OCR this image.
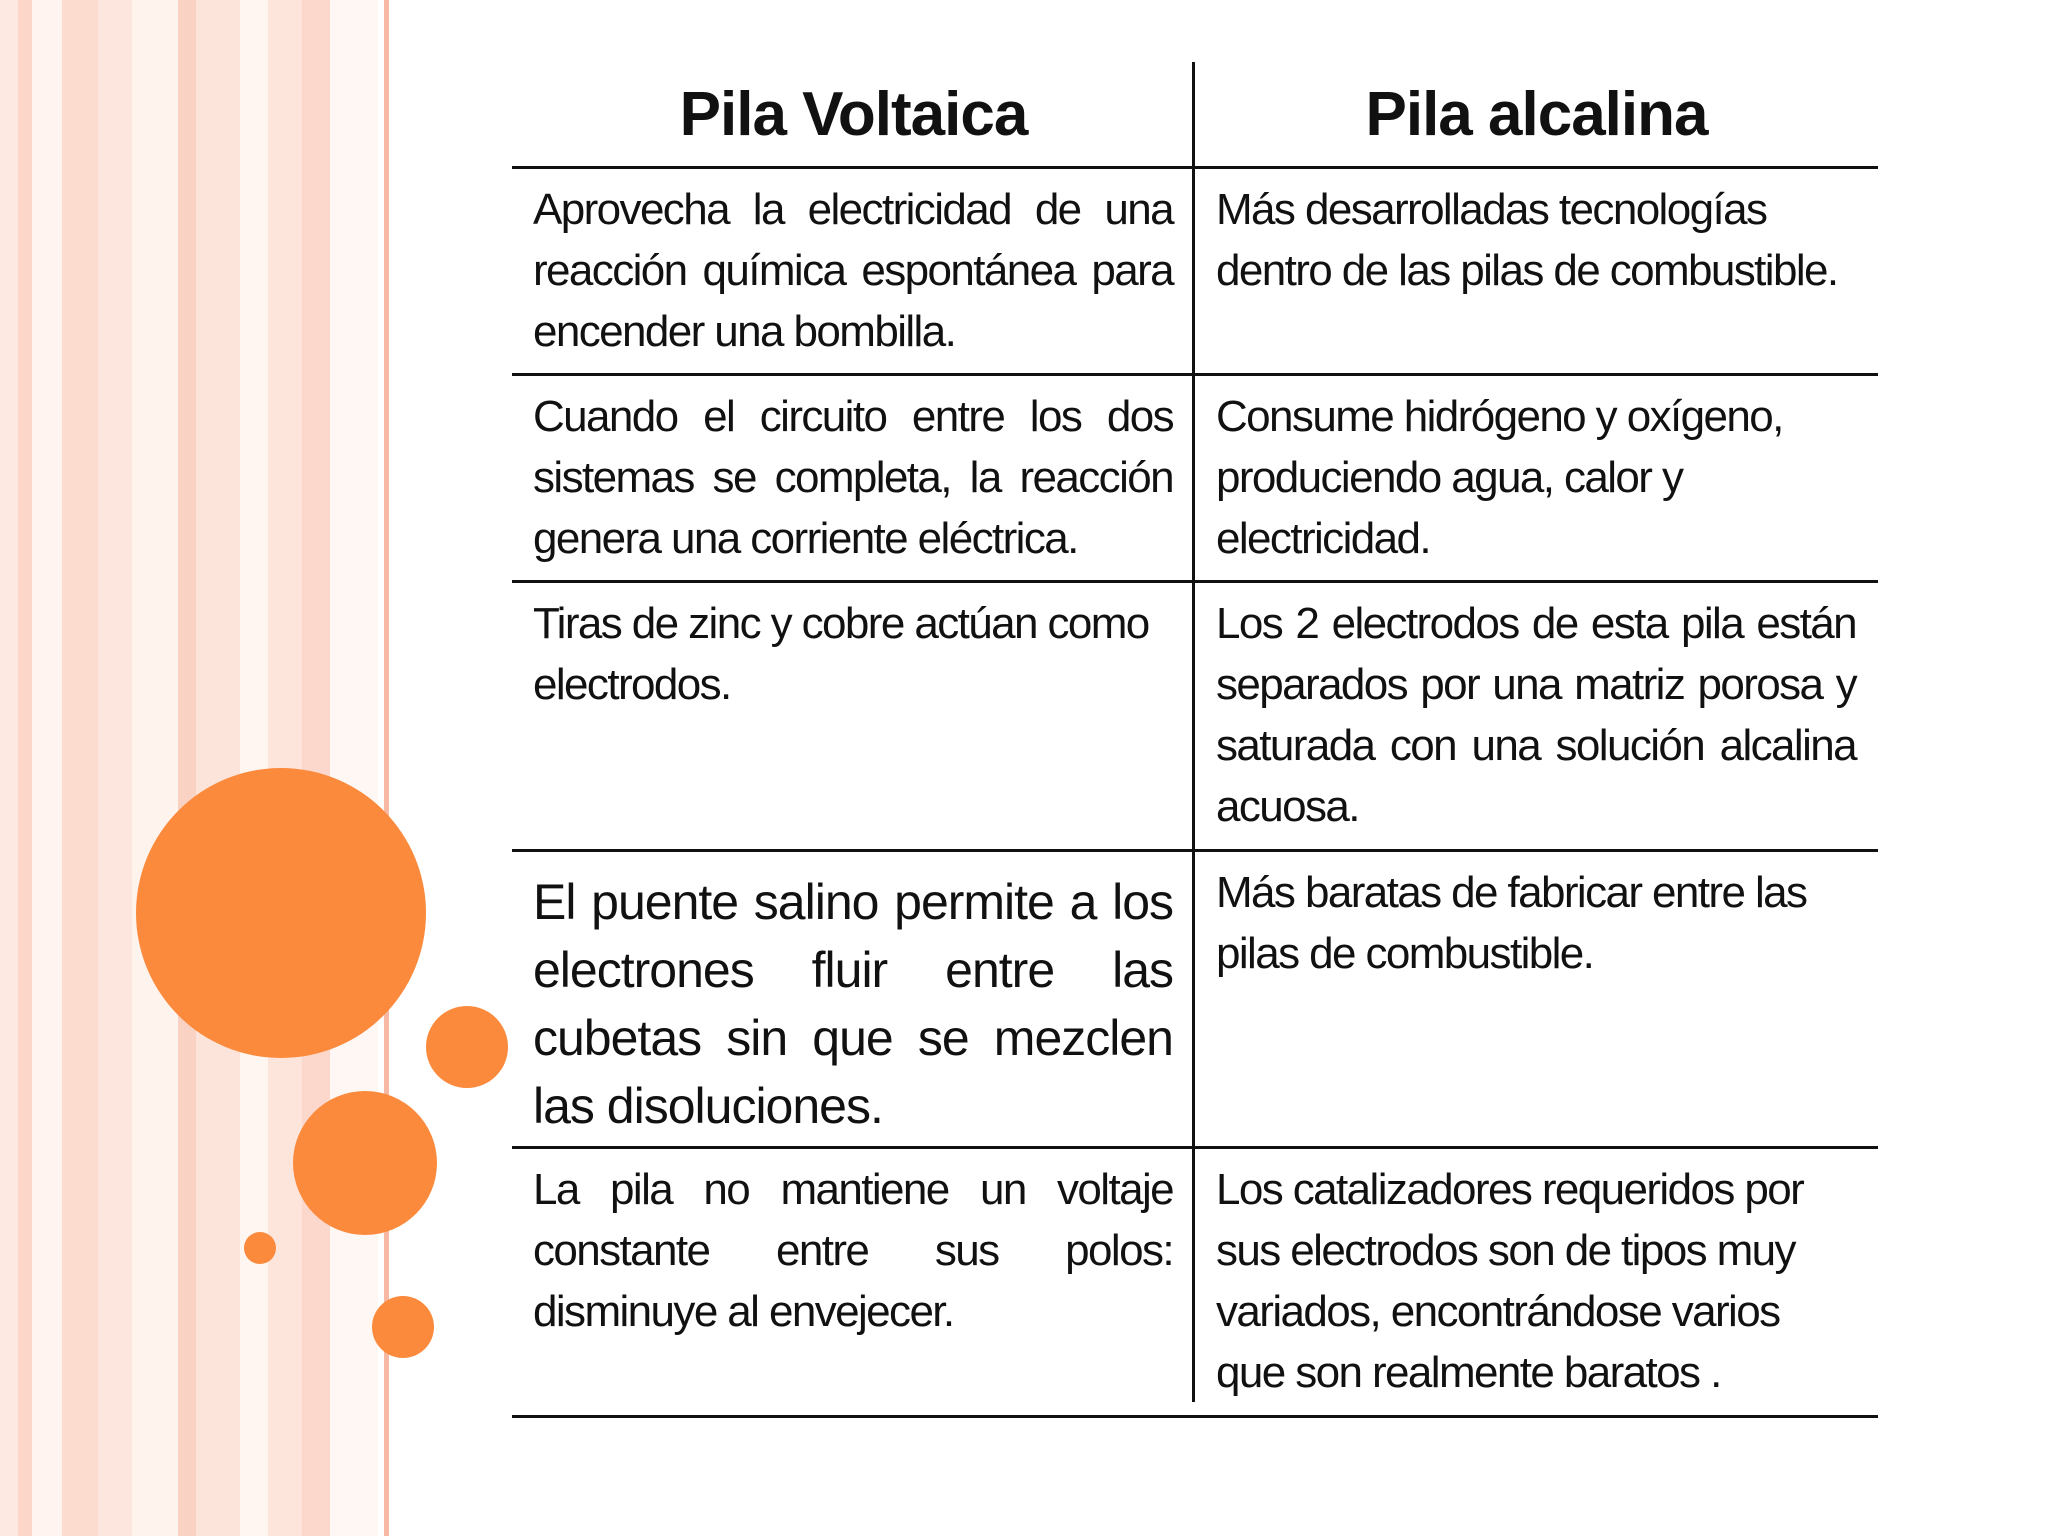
Pila Voltaica	Pila alcalina
Aprovecha la electricidad de una reacción química espontánea para encender una bombilla.
Más desarrolladas tecnologías dentro de las pilas de combustible.
Cuando el circuito entre los dos sistemas se completa, la reacción genera una corriente eléctrica.
Consume hidrógeno y oxígeno, produciendo agua, calor y electricidad.
Tiras de zinc y cobre actúan como electrodos.
Los 2 electrodos de esta pila están separados por una matriz porosa y saturada con una solución alcalina acuosa.
El puente salino permite a los electrones fluir entre las cubetas sin que se mezclen las disoluciones.
Más baratas de fabricar entre las pilas de combustible.
La pila no mantiene un voltaje constante entre sus polos: disminuye al envejecer.
Los catalizadores requeridos por sus electrodos son de tipos muy variados, encontrándose varios que son realmente baratos .
